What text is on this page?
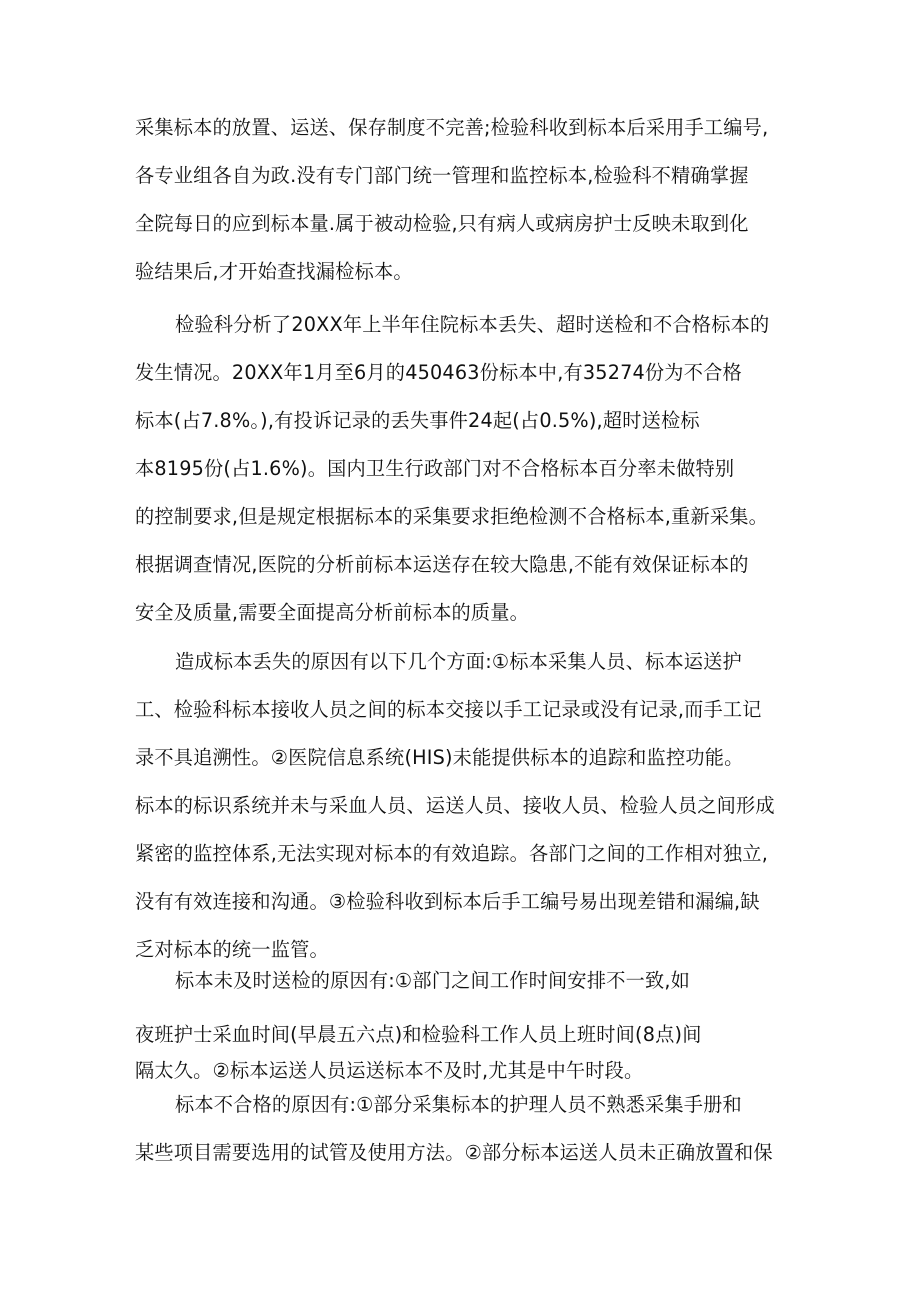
采集标本的放置、运送、保存制度不完善;检验科收到标本后采用手工编号,
各专业组各自为政.没有专门部门统一管理和监控标本,检验科不精确掌握
全院每日的应到标本量.属于被动检验,只有病人或病房护士反映未取到化
验结果后,才开始查找漏检标本。
检验科分析了20XX年上半年住院标本丢失、超时送检和不合格标本的
发生情况。20XX年1月至6月的450463份标本中,有35274份为不合格
标本(占7.8%。),有投诉记录的丢失事件24起(占0.5%),超时送检标
本8195份(占1.6%)。国内卫生行政部门对不合格标本百分率未做特别
的控制要求,但是规定根据标本的采集要求拒绝检测不合格标本,重新采集。
根据调查情况,医院的分析前标本运送存在较大隐患,不能有效保证标本的
安全及质量,需要全面提高分析前标本的质量。
造成标本丢失的原因有以下几个方面:①标本采集人员、标本运送护
工、检验科标本接收人员之间的标本交接以手工记录或没有记录,而手工记
录不具追溯性。②医院信息系统(HIS)未能提供标本的追踪和监控功能。
标本的标识系统并未与采血人员、运送人员、接收人员、检验人员之间形成
紧密的监控体系,无法实现对标本的有效追踪。各部门之间的工作相对独立,
没有有效连接和沟通。③检验科收到标本后手工编号易出现差错和漏编,缺
乏对标本的统一监管。
标本未及时送检的原因有:①部门之间工作时间安排不一致,如
夜班护士采血时间(早晨五六点)和检验科工作人员上班时间(8点)间
隔太久。②标本运送人员运送标本不及时,尤其是中午时段。
标本不合格的原因有:①部分采集标本的护理人员不熟悉采集手册和
某些项目需要选用的试管及使用方法。②部分标本运送人员未正确放置和保
